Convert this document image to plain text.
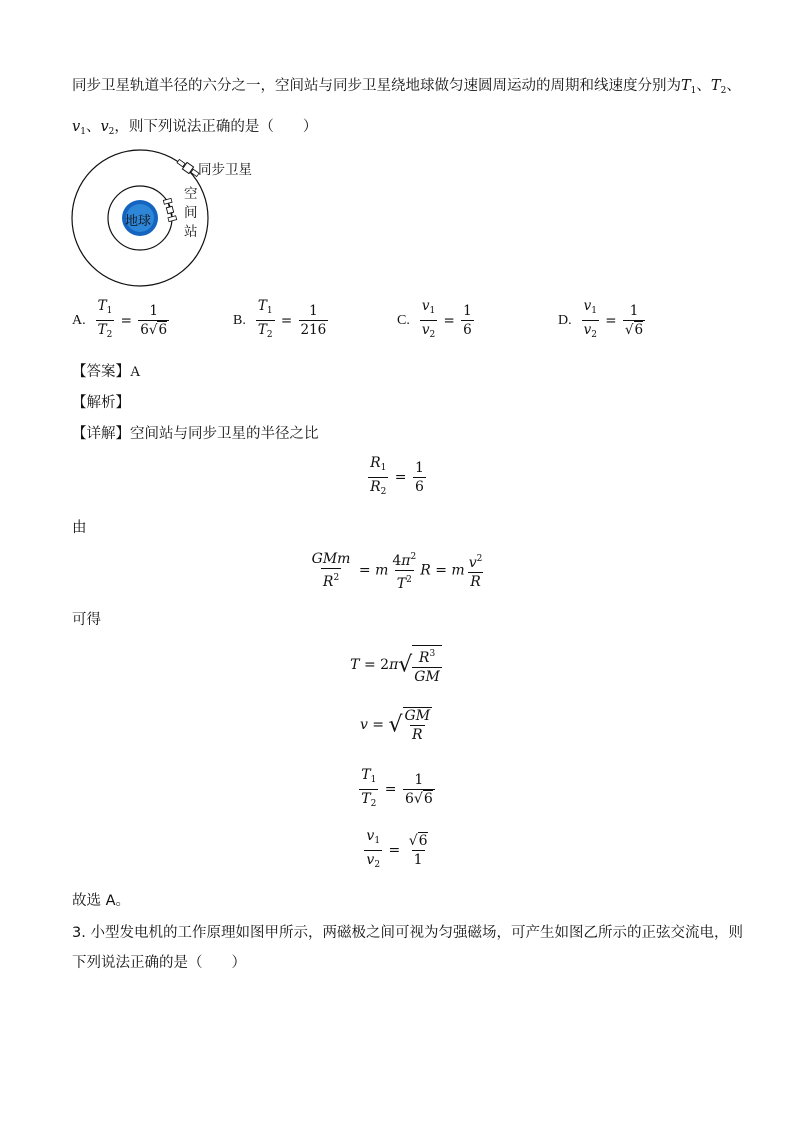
同步卫星轨道半径的六分之一，空间站与同步卫星绕地球做匀速圆周运动的周期和线速度分别为$T_1$、$T_2$、
$v_1$、$v_2$，则下列说法正确的是（　　）
地球
同步卫星
空
间
站
A. $\frac{T_1}{T_2} = \frac{1}{6√6}$	B. $\frac{T_1}{T_2} = \frac{1}{216}$	C. $\frac{v_1}{v_2} = \frac{1}{6}$	D. $\frac{v_1}{v_2} = \frac{1}{√6}$
【答案】A
【解析】
【详解】空间站与同步卫星的半径之比
$\frac{R_1}{R_2} = \frac{1}{6}$
由
$\frac{\text{GMm}}{R^2} = m \frac{4\pi^2}{T^2}$ R = m $\frac{v^2}{R}$
可得
$T = 2\pi√ \frac{R^3}{GM}$
v = √ $\frac{GM}{R}$
$\frac{T_1}{T_2} = \frac{1}{6√6}$
$\frac{v_1}{v_2} = \frac{√6}{1}$
故选 A。
3. 小型发电机的工作原理如图甲所示，两磁极之间可视为匀强磁场，可产生如图乙所示的正弦交流电，则
下列说法正确的是（　　）
